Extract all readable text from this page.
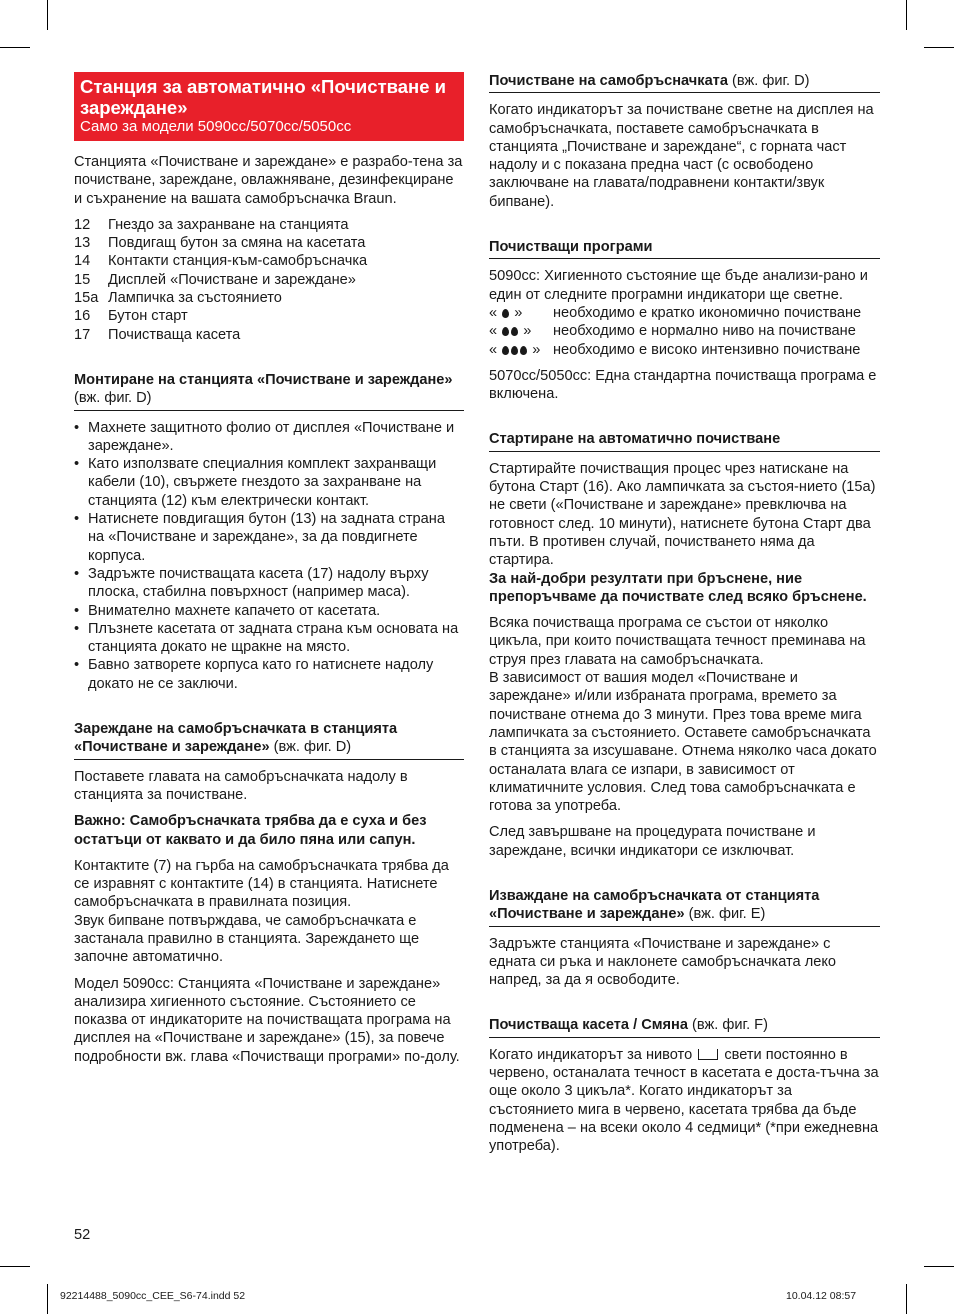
Станция за автоматично «Почистване и зареждане»
Само за модели 5090cc/5070cc/5050cc

Станцията «Почистване и зареждане» е разрабо-тена за почистване, зареждане, овлажняване, дезинфекциране и съхранение на вашата самобръсначка Braun.

12	Гнездо за захранване на станцията
13	Повдигащ бутон за смяна на касетата
14	Контакти станция-към-самобръсначка
15	Дисплей «Почистване и зареждане»
15a Лампичка за състоянието
16	Бутон старт
17	Почистваща касета
Монтиране на станцията «Почистване и зареждане» (вж. фиг. D)
• Махнете защитното фолио от дисплея «Почистване и зареждане».
• Като използвате специалния комплект захранващи кабели (10), свържете гнездото за захранване на станцията (12) към електрически контакт.
• Натиснете повдигащия бутон (13) на задната страна на «Почистване и зареждане», за да повдигнете корпуса.
• Задръжте почистващата касета (17) надолу върху плоска, стабилна повърхност (например маса).
• Внимателно махнете капачето от касетата.
• Плъзнете касетата от задната страна към основата на станцията докато не щракне на място.
• Бавно затворете корпуса като го натиснете надолу докато не се заключи.
Зареждане на самобръсначката в станцията «Почистване и зареждане» (вж. фиг. D)

Поставете главата на самобръсначката надолу в станцията за почистване.

Важно: Самобръсначката трябва да е суха и без остатъци от каквато и да било пяна или сапун.

Контактите (7) на гърба на самобръсначката трябва да се изравнят с контактите (14) в станцията. Натиснете самобръсначката в правилната позиция.

Звук бипване потвърждава, че самобръсначката е застанала правилно в станцията. Зареждането ще започне автоматично.

Модел 5090cc: Станцията «Почистване и зареждане» анализира хигиенното състояние. Състоянието се показва от индикаторите на почистващата програма на дисплея на «Почистване и зареждане» (15), за повече подробности вж. глава «Почистващи програми» по-долу.

Почистване на самобръсначката (вж. фиг. D)

Когато индикаторът за почистване светне на дисплея на самобръсначката, поставете самобръсначката в станцията „Почистване и зареждане“, с горната част надолу и с показана предна част (с освободено заключване на главата/подравнени контакти/звук бипване).

Почистващи програми

5090cc: Хигиенното състояние ще бъде анализи-рано и един от следните програмни индикатори ще светне.

«  »	необходимо е кратко икономично почистване
«  »	необходимо е нормално ниво на почистване
«  » необходимо е високо интензивно почистване

5070cc/5050cc: Една стандартна почистваща програма е включена.

Стартиране на автоматично почистване

Стартирайте почистващия процес чрез натискане на бутона Старт (16). Ако лампичката за състоя-нието (15a) не свети («Почистване и зареждане» превключва на готовност след. 10 минути), натиснете бутона Старт два пъти. В противен случай, почистването няма да стартира.

За най-добри резултати при бръснене, ние препоръчваме да почиствате след всяко бръснене.

Всяка почистваща програма се състои от няколко цикъла, при които почистващата течност преминава на струя през главата на самобръсначката.

В зависимост от вашия модел «Почистване и зареждане» и/или избраната програма, времето за почистване отнема до 3 минути. През това време мига лампичката за състоянието. Оставете самобръсначката в станцията за изсушаване. Отнема няколко часа докато останалата влага се изпари, в зависимост от климатичните условия. След това самобръсначката е готова за употреба.

След завършване на процедурата почистване и зареждане, всички индикатори се изключват.

Изваждане на самобръсначката от станцията «Почистване и зареждане» (вж. фиг. E)

Задръжте станцията «Почистване и зареждане» с едната си ръка и наклонете самобръсначката леко напред, за да я освободите.

Почистваща касета / Смяна (вж. фиг. F)

Когато индикаторът за нивото свети постоянно в червено, останалата течност в касетата е доста-тъчна за още около 3 цикъла*. Когато индикаторът за състоянието мига в червено, касетата трябва да бъде подменена – на всеки около 4 седмици* (*при ежедневна употреба).

52
92214488_5090cc_CEE_S6-74.indd 52	10.04.12 08:57
